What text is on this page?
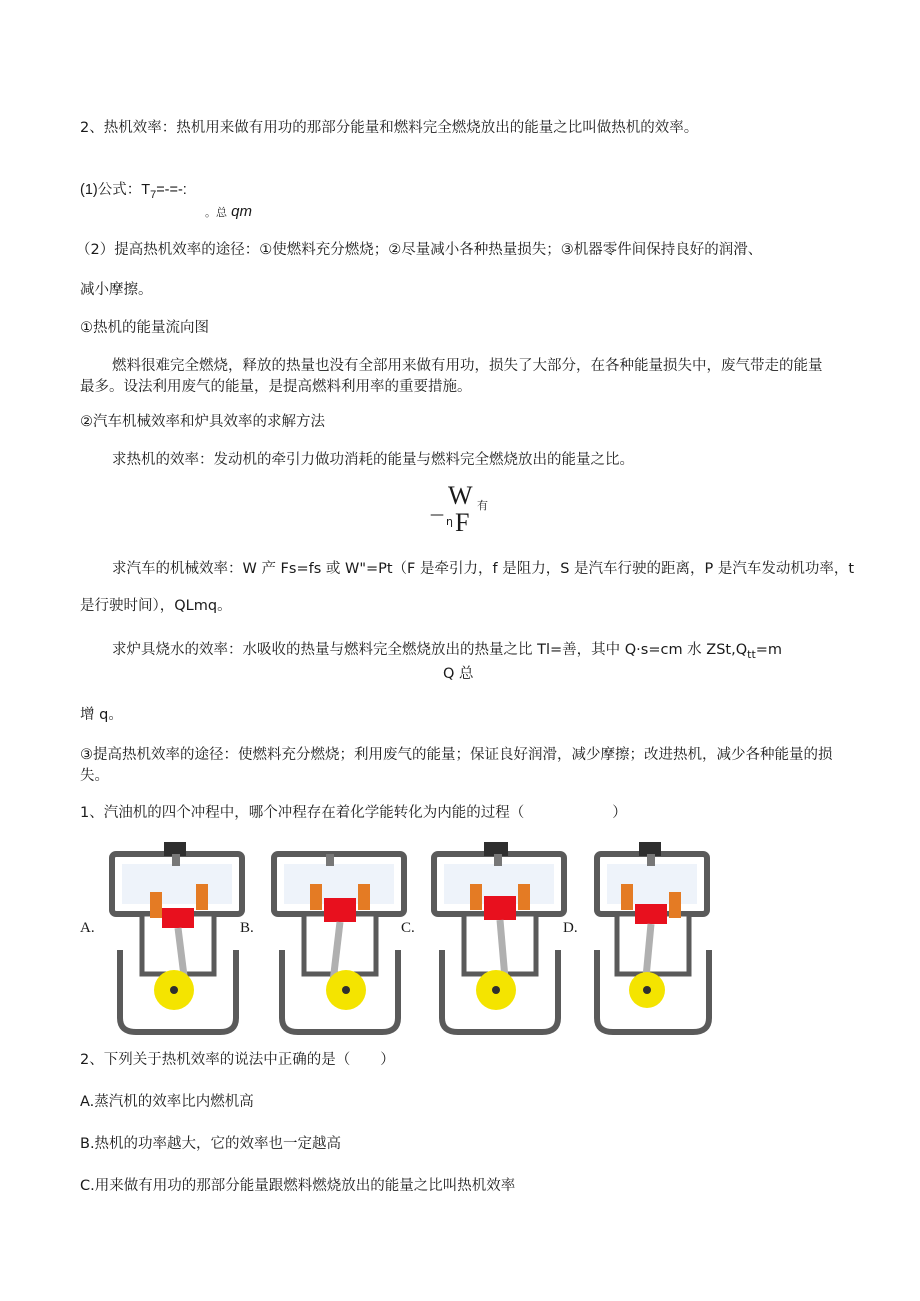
2、热机效率：热机用来做有用功的那部分能量和燃料完全燃烧放出的能量之比叫做热机的效率。
(1)公式：$T_7=-=-$:
。总 qm
（2）提高热机效率的途径：①使燃料充分燃烧；②尽量减小各种热量损失；③机器零件间保持良好的润滑、
减小摩擦。
①热机的能量流向图
燃料很难完全燃烧，释放的热量也没有全部用来做有用功，损失了大部分，在各种能量损失中，废气带走的能量最多。设法利用废气的能量，是提高燃料利用率的重要措施。
②汽车机械效率和炉具效率的求解方法
求热机的效率：发动机的牵引力做功消耗的能量与燃料完全燃烧放出的能量之比。
W 有
— η F
求汽车的机械效率：W 产 Fs=fs 或 W"=Pt（F 是牵引力，f 是阻力，S 是汽车行驶的距离，P 是汽车发动机功率，t
是行驶时间），QLmq。
求炉具烧水的效率：水吸收的热量与燃料完全燃烧放出的热量之比 Tl=善，其中 Q·s=cm 水 $ZSt,Q_{tt}=m$
Q 总
增 q。
③提高热机效率的途径：使燃料充分燃烧；利用废气的能量；保证良好润滑，减少摩擦；改进热机，减少各种能量的损失。
1、汽油机的四个冲程中，哪个冲程存在着化学能转化为内能的过程（	）
A.	B.	C.	D.
2、下列关于热机效率的说法中正确的是（ ）
A.蒸汽机的效率比内燃机高
B.热机的功率越大，它的效率也一定越高
C.用来做有用功的那部分能量跟燃料燃烧放出的能量之比叫热机效率
